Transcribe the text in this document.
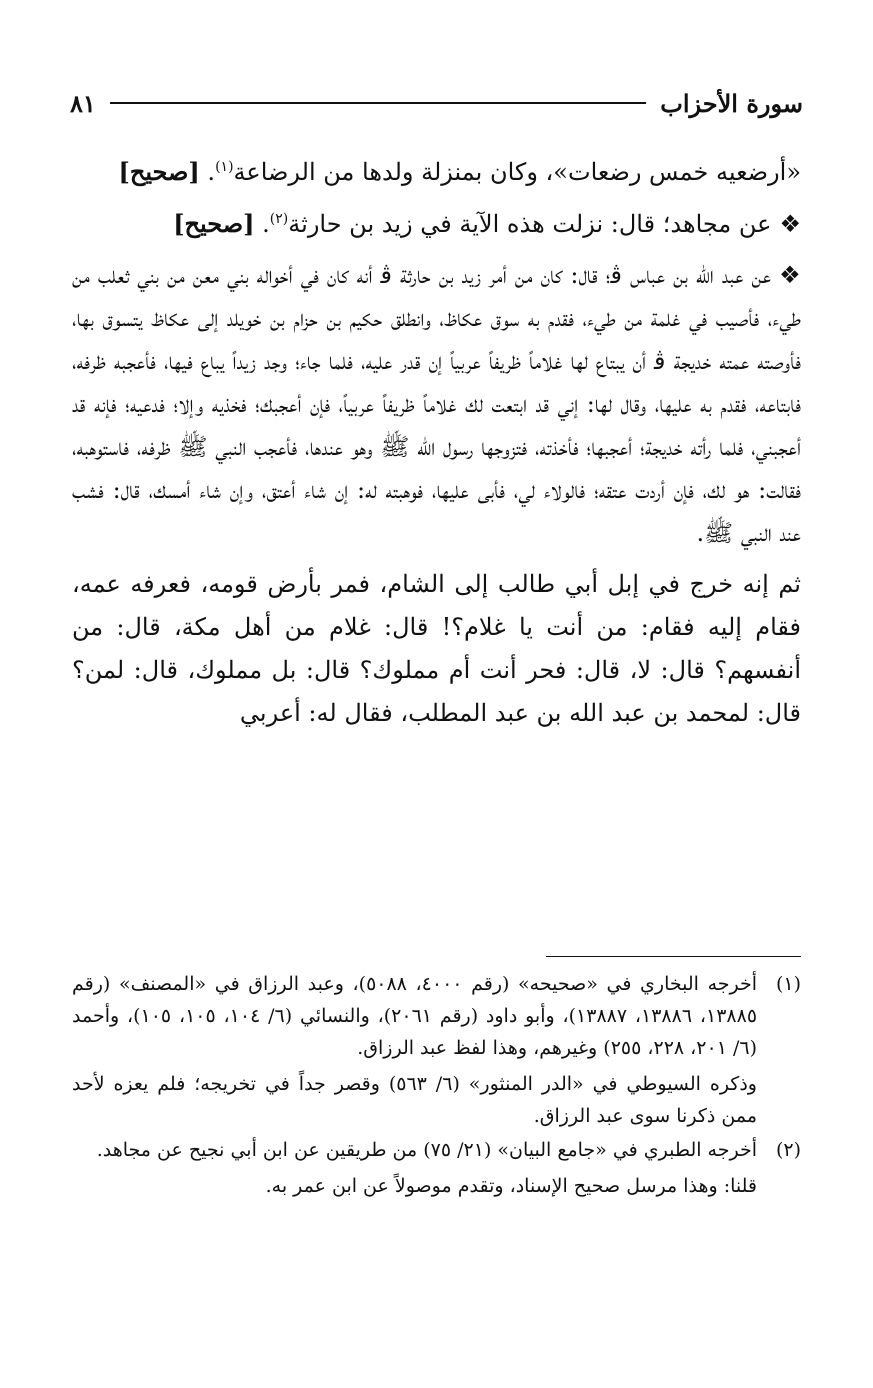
سورة الأحزاب
٨١

«أرضعيه خمس رضعات»، وكان بمنزلة ولدها من الرضاعة$^{(١)}$. [صحيح]

❖عن مجاهد؛ قال: نزلت هذه الآية في زيد بن حارثة$^{(٢)}$. [صحيح]

❖عن عبد الله بن عباس ﭬ؛ قال: كان من أمر زيد بن حارثة ﭬ أنه كان في أخواله بني معن من بني ثعلب من طيء، فأصيب في غلمة من طيء، فقدم به سوق عكاظ، وانطلق حكيم بن حزام بن خويلد إلى عكاظ يتسوق بها، فأوصته عمته خديجة ﭬ أن يبتاع لها غلاماً ظريفاً عربياً إن قدر عليه، فلما جاء؛ وجد زيداً يباع فيها، فأعجبه ظرفه، فابتاعه، فقدم به عليها، وقال لها: إني قد ابتعت لك غلاماً ظريفاً عربياً، فإن أعجبك؛ فخذيه وإلا؛ فدعيه؛ فإنه قد أعجبني، فلما رأته خديجة؛ أعجبها؛ فأخذته، فتزوجها رسول الله ﷺ وهو عندها، فأعجب النبي ﷺ ظرفه، فاستوهبه، فقالت: هو لك، فإن أردت عتقه؛ فالولاء لي، فأبى عليها، فوهبته له: إن شاء أعتق، وإن شاء أمسك، قال: فشب عند النبي ﷺ.

ثم إنه خرج في إبل أبي طالب إلى الشام، فمر بأرض قومه، فعرفه عمه، فقام إليه فقام: من أنت يا غلام؟! قال: غلام من أهل مكة، قال: من أنفسهم؟ قال: لا، قال: فحر أنت أم مملوك؟ قال: بل مملوك، قال: لمن؟ قال: لمحمد بن عبد الله بن عبد المطلب، فقال له: أعربي

(١)

أخرجه البخاري في «صحيحه» (رقم ٤٠٠٠، ٥٠٨٨)، وعبد الرزاق في «المصنف» (رقم ١٣٨٨٥، ١٣٨٨٦، ١٣٨٨٧)، وأبو داود (رقم ٢٠٦١)، والنسائي (٦/ ١٠٤، ١٠٥، ١٠٥)، وأحمد (٦/ ٢٠١، ٢٢٨، ٢٥٥) وغيرهم، وهذا لفظ عبد الرزاق.

وذكره السيوطي في «الدر المنثور» (٦/ ٥٦٣) وقصر جداً في تخريجه؛ فلم يعزه لأحد ممن ذكرنا سوى عبد الرزاق.

(٢)

أخرجه الطبري في «جامع البيان» (٢١/ ٧٥) من طريقين عن ابن أبي نجيح عن مجاهد.

قلنا: وهذا مرسل صحيح الإسناد، وتقدم موصولاً عن ابن عمر به.
